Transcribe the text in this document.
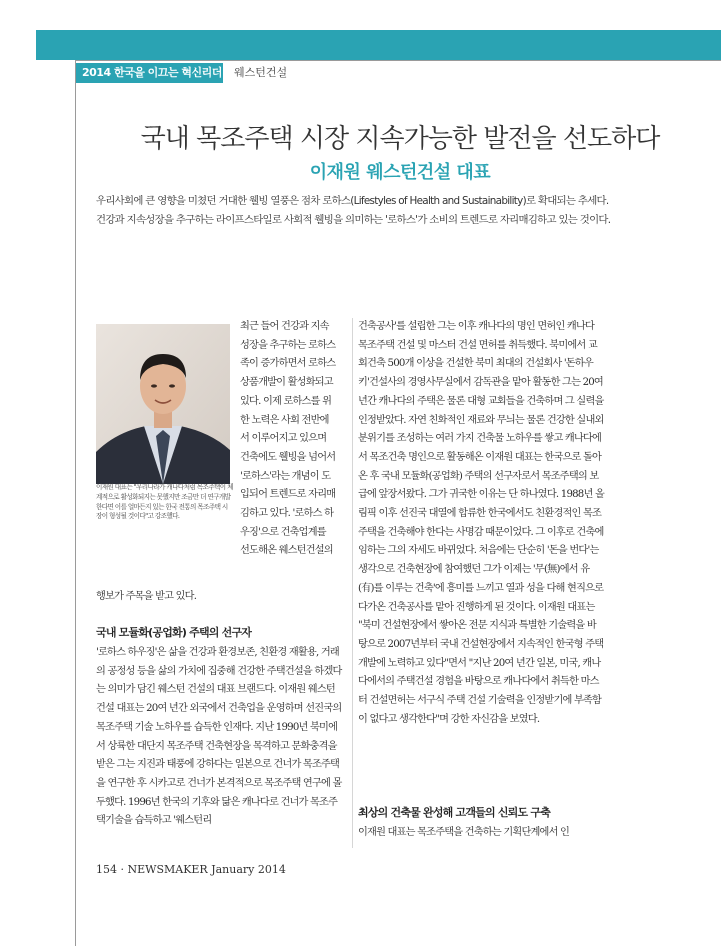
2014 한국을 이끄는 혁신리더 웨스턴건설
국내 목조주택 시장 지속가능한 발전을 선도하다
이재원 웨스턴건설 대표
우리사회에 큰 영향을 미쳤던 거대한 웰빙 열풍은 점차 로하스(Lifestyles of Health and Sustainability)로 확대되는 추세다. 건강과 지속성장을 추구하는 라이프스타일로 사회적 웰빙을 의미하는 '로하스'가 소비의 트렌드로 자리매김하고 있는 것이다.
이재원 대표는 "우리나라가 캐나다처럼 목조주택이 체계적으로 활성화되지는 못했지만 조금만 더 연구개발한다면 이를 얼마든지 있는 한국 전통의 목조주택 시장이 형성될 것이다"고 강조했다.
최근 들어 건강과 지속성장을 추구하는 로하스족이 증가하면서 로하스 상품개발이 활성화되고 있다. 이제 로하스를 위한 노력은 사회 전반에서 이루어지고 있으며 건축에도 웰빙을 넘어서 '로하스'라는 개념이 도입되어 트렌드로 자리매김하고 있다. '로하스 하우징'으로 건축업계를 선도해온 웨스턴건설의
행보가 주목을 받고 있다.
국내 모듈화(공업화) 주택의 선구자
'로하스 하우징'은 삶을 건강과 환경보존, 친환경 재활용, 거래의 공정성 등을 삶의 가치에 집중해 건강한 주택건설을 하겠다는 의미가 담긴 웨스턴 건설의 대표 브랜드다. 이재원 웨스턴 건설 대표는 20여 년간 외국에서 건축업을 운영하며 선진국의 목조주택 기술 노하우를 습득한 인재다. 지난 1990년 북미에서 상륙한 대단지 목조주택 건축현장을 목격하고 문화충격을 받은 그는 지진과 태풍에 강하다는 일본으로 건너가 목조주택을 연구한 후 시카고로 건너가 본격적으로 목조주택 연구에 몰두했다. 1996년 한국의 기후와 닮은 캐나다로 건너가 목조주택기술을 습득하고 '웨스턴리
건축공사'를 설립한 그는 이후 캐나다의 명인 면허인 캐나다 목조주택 건설 및 마스터 건설 면허를 취득했다. 북미에서 교회건축 500개 이상을 건설한 북미 최대의 건설회사 '돈하우키'건설사의 경영사무실에서 감독관을 맡아 활동한 그는 20여 년간 캐나다의 주택은 물론 대형 교회들을 건축하며 그 실력을 인정받았다. 자연 친화적인 재료와 무늬는 물론 건강한 실내외 분위기를 조성하는 여러 가지 건축물 노하우를 쌓고 캐나다에서 목조건축 명인으로 활동해온 이재원 대표는 한국으로 돌아온 후 국내 모듈화(공업화) 주택의 선구자로서 목조주택의 보급에 앞장서왔다. 그가 귀국한 이유는 단 하나였다. 1988년 올림픽 이후 선진국 대열에 합류한 한국에서도 친환경적인 목조주택을 건축해야 한다는 사명감 때문이었다. 그 이후로 건축에 임하는 그의 자세도 바뀌었다. 처음에는 단순히 '돈을 번다'는 생각으로 건축현장에 참여했던 그가 이제는 '무(無)에서 유(有)를 이루는 건축'에 흥미를 느끼고 열과 성을 다해 현직으로 다가온 건축공사를 맡아 진행하게 된 것이다. 이재원 대표는 "북미 건설현장에서 쌓아온 전문 지식과 특별한 기술력을 바탕으로 2007년부터 국내 건설현장에서 지속적인 한국형 주택 개발에 노력하고 있다"면서 "지난 20여 년간 일본, 미국, 캐나다에서의 주택건설 경험을 바탕으로 캐나다에서 취득한 마스터 건설면허는 서구식 주택 건설 기술력을 인정받기에 부족함이 없다고 생각한다"며 강한 자신감을 보였다.
최상의 건축물 완성해 고객들의 신뢰도 구축
이재원 대표는 목조주택을 건축하는 기획단계에서 인
154 · NEWSMAKER January 2014
